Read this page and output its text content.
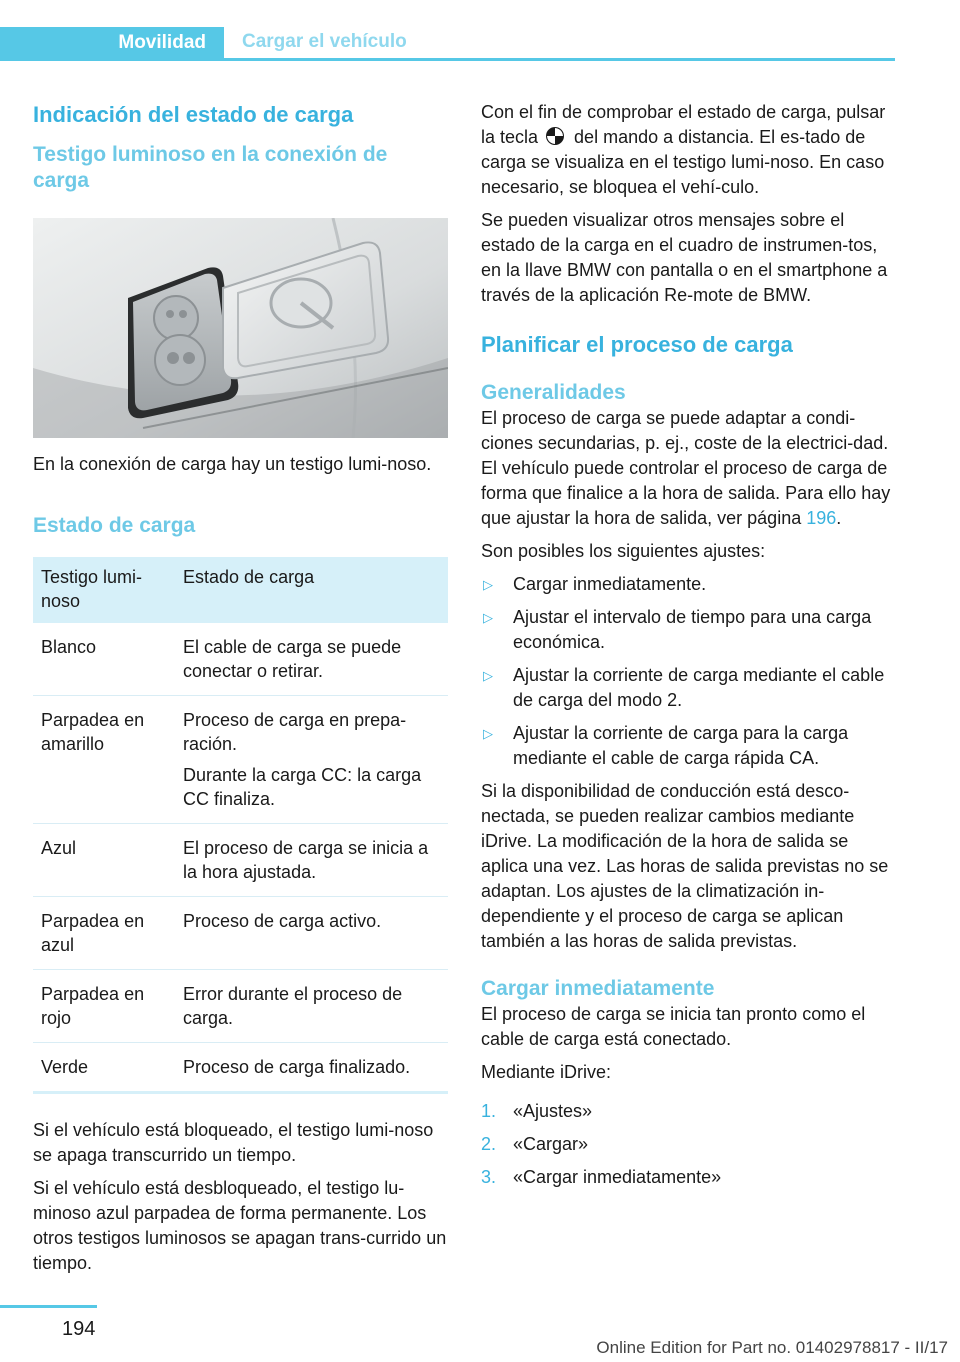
Movilidad Cargar el vehículo
Indicación del estado de carga
Testigo luminoso en la conexión de carga

En la conexión de carga hay un testigo lumi-noso.

Estado de carga
Testigo lumi-noso	Estado de carga
Blanco	El cable de carga se puede conectar o retirar.
Parpadea en amarillo	Proceso de carga en prepa-ración.
Durante la carga CC: la carga CC finaliza.

Azul	El proceso de carga se inicia a la hora ajustada.
Parpadea en azul	Proceso de carga activo.
Parpadea en rojo	Error durante el proceso de carga.
Verde	Proceso de carga finalizado.

Si el vehículo está bloqueado, el testigo lumi-noso se apaga transcurrido un tiempo.

Si el vehículo está desbloqueado, el testigo lu-minoso azul parpadea de forma permanente. Los otros testigos luminosos se apagan trans-currido un tiempo.

Con el fin de comprobar el estado de carga, pulsar la tecla del mando a distancia. El es-tado de carga se visualiza en el testigo lumi-noso. En caso necesario, se bloquea el vehí-culo.

Se pueden visualizar otros mensajes sobre el estado de la carga en el cuadro de instrumen-tos, en la llave BMW con pantalla o en el smartphone a través de la aplicación Re-mote de BMW.

Planificar el proceso de carga
Generalidades

El proceso de carga se puede adaptar a condi-ciones secundarias, p. ej., coste de la electrici-dad. El vehículo puede controlar el proceso de carga de forma que finalice a la hora de salida. Para ello hay que ajustar la hora de salida, ver página 196.

Son posibles los siguientes ajustes:

▷ Cargar inmediatamente.
▷ Ajustar el intervalo de tiempo para una carga económica.
▷ Ajustar la corriente de carga mediante el cable de carga del modo 2.
▷ Ajustar la corriente de carga para la carga mediante el cable de carga rápida CA.

Si la disponibilidad de conducción está desco-nectada, se pueden realizar cambios mediante iDrive. La modificación de la hora de salida se aplica una vez. Las horas de salida previstas no se adaptan. Los ajustes de la climatización in-dependiente y el proceso de carga se aplican también a las horas de salida previstas.

Cargar inmediatamente

El proceso de carga se inicia tan pronto como el cable de carga está conectado.

Mediante iDrive:

1. «Ajustes»
2. «Cargar»
3. «Cargar inmediatamente»
194
Online Edition for Part no. 01402978817 - II/17
